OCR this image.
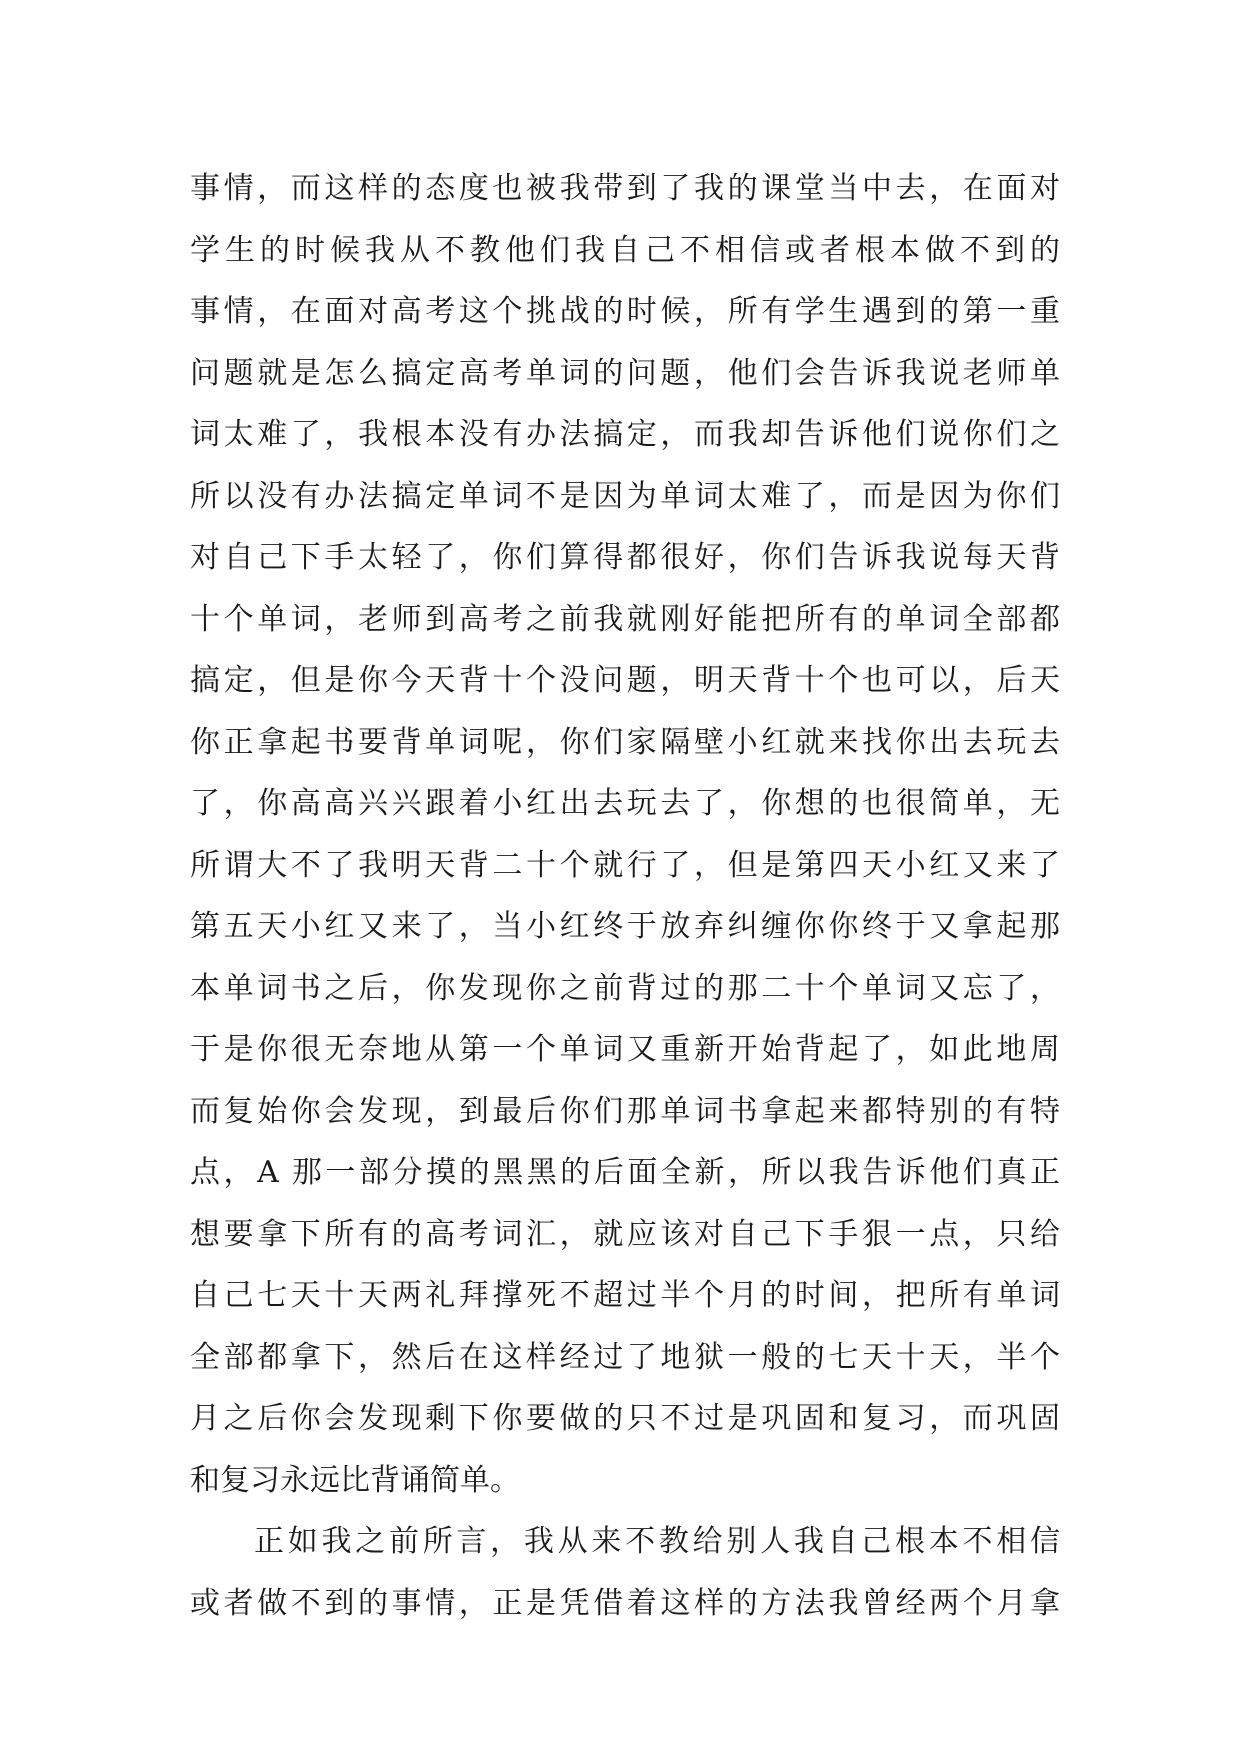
事情，而这样的态度也被我带到了我的课堂当中去，在面对
学生的时候我从不教他们我自己不相信或者根本做不到的
事情，在面对高考这个挑战的时候，所有学生遇到的第一重
问题就是怎么搞定高考单词的问题，他们会告诉我说老师单
词太难了，我根本没有办法搞定，而我却告诉他们说你们之
所以没有办法搞定单词不是因为单词太难了，而是因为你们
对自己下手太轻了，你们算得都很好，你们告诉我说每天背
十个单词，老师到高考之前我就刚好能把所有的单词全部都
搞定，但是你今天背十个没问题，明天背十个也可以，后天
你正拿起书要背单词呢，你们家隔壁小红就来找你出去玩去
了，你高高兴兴跟着小红出去玩去了，你想的也很简单，无
所谓大不了我明天背二十个就行了，但是第四天小红又来了
第五天小红又来了，当小红终于放弃纠缠你你终于又拿起那
本单词书之后，你发现你之前背过的那二十个单词又忘了，
于是你很无奈地从第一个单词又重新开始背起了，如此地周
而复始你会发现，到最后你们那单词书拿起来都特别的有特
点，A 那一部分摸的黑黑的后面全新，所以我告诉他们真正
想要拿下所有的高考词汇，就应该对自己下手狠一点，只给
自己七天十天两礼拜撑死不超过半个月的时间，把所有单词
全部都拿下，然后在这样经过了地狱一般的七天十天，半个
月之后你会发现剩下你要做的只不过是巩固和复习，而巩固
和复习永远比背诵简单。
正如我之前所言，我从来不教给别人我自己根本不相信
或者做不到的事情，正是凭借着这样的方法我曾经两个月拿
